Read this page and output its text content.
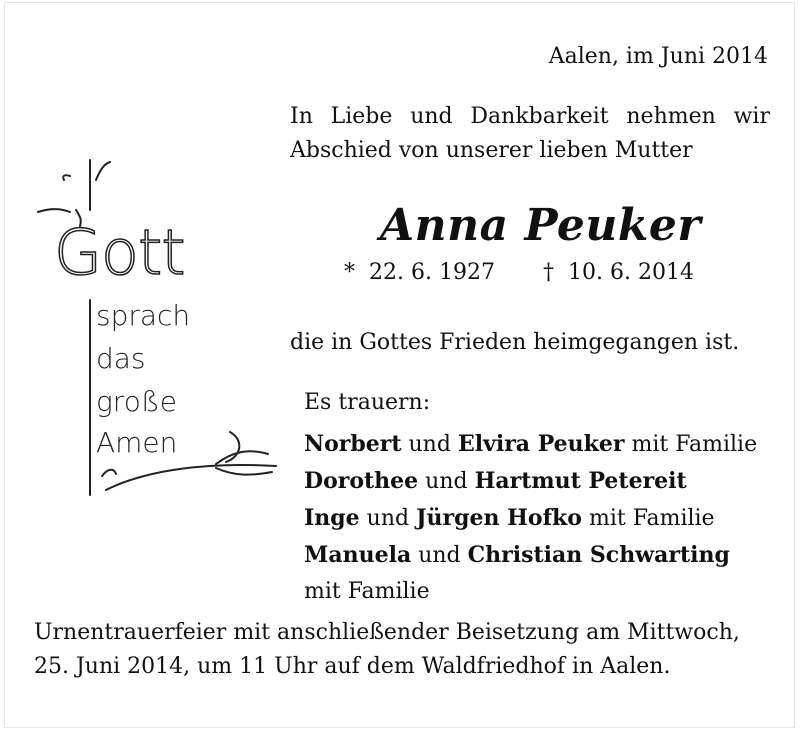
Aalen, im Juni 2014
In Liebe und Dankbarkeit nehmen wir
Abschied von unserer lieben Mutter
Anna Peuker
*  22. 6. 1927 †  10. 6. 2014
die in Gottes Frieden heimgegangen ist.
Es trauern:
Norbert und Elvira Peuker mit Familie
Dorothee und Hartmut Petereit
Inge und Jürgen Hofko mit Familie
Manuela und Christian Schwarting
mit Familie
Urnentrauerfeier mit anschließender Beisetzung am Mittwoch,
25. Juni 2014, um 11 Uhr auf dem Waldfriedhof in Aalen.
Gott
sprach
das
große
Amen
